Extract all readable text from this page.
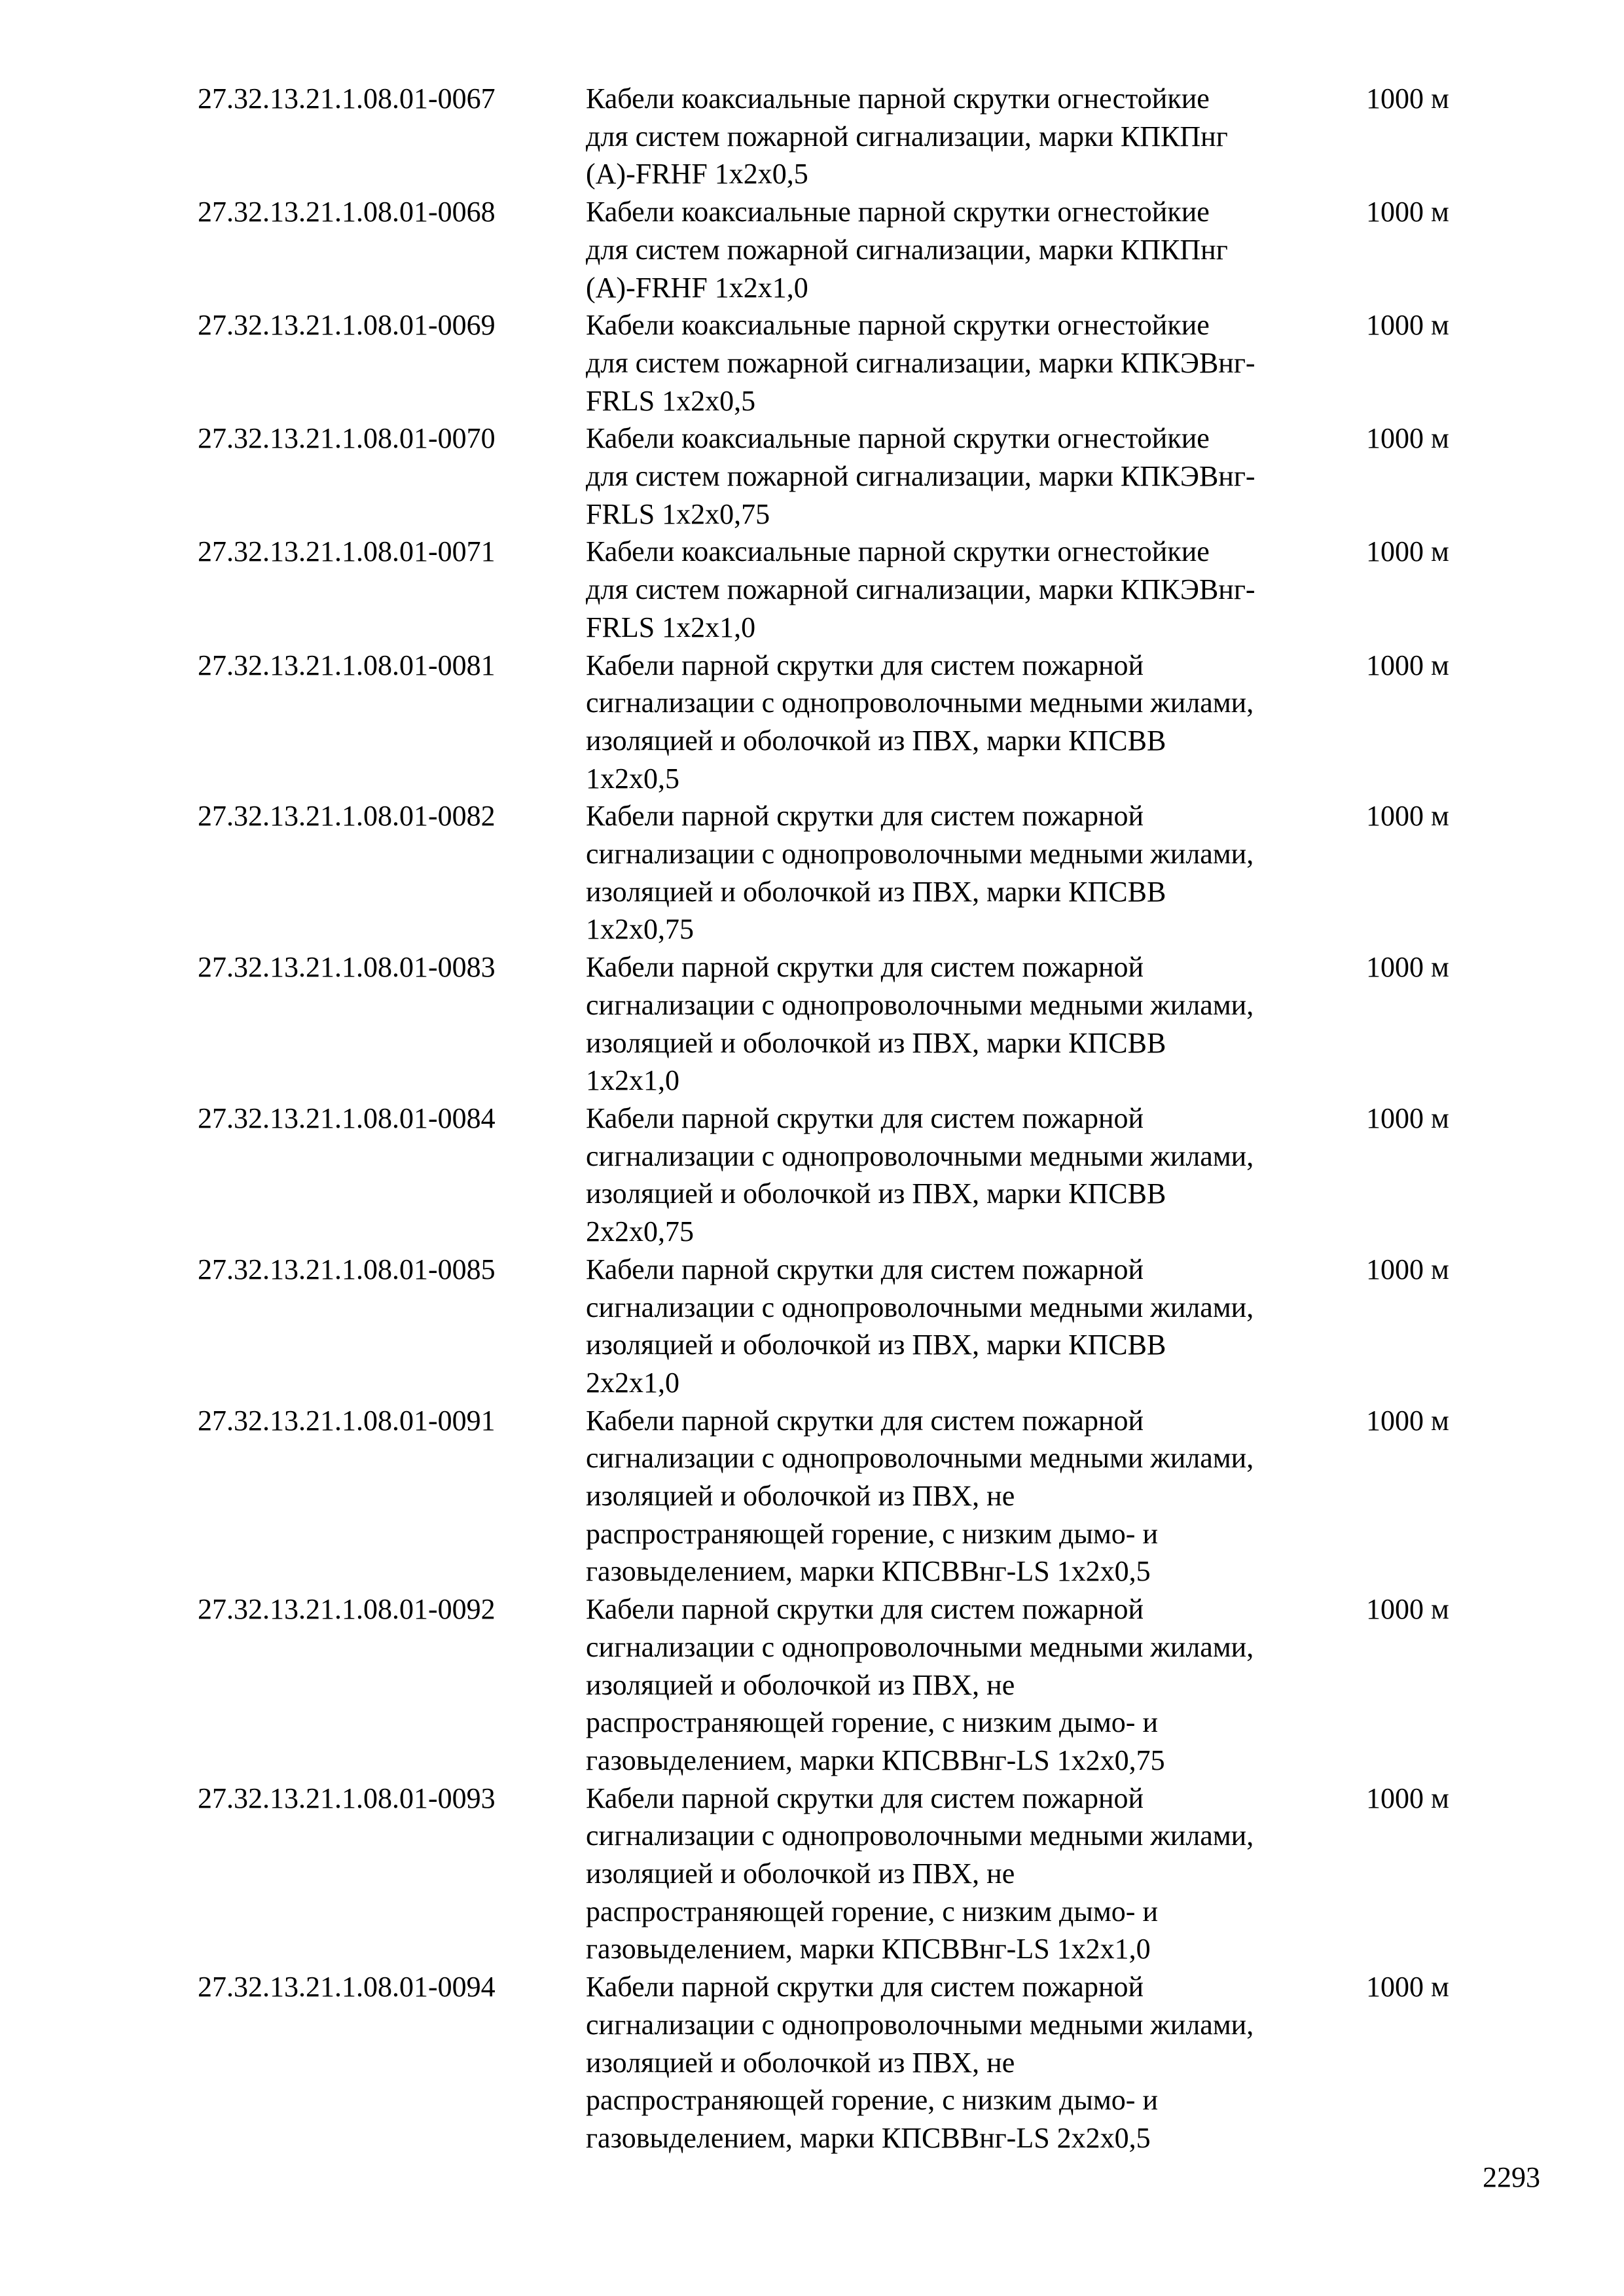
27.32.13.21.1.08.01-0067	Кабели коаксиальные парной скрутки огнестойкие
для систем пожарной сигнализации, марки КПКПнг
(А)-FRHF 1х2х0,5
1000 м
27.32.13.21.1.08.01-0068	Кабели коаксиальные парной скрутки огнестойкие
для систем пожарной сигнализации, марки КПКПнг
(А)-FRHF 1х2х1,0
1000 м
27.32.13.21.1.08.01-0069	Кабели коаксиальные парной скрутки огнестойкие
для систем пожарной сигнализации, марки КПКЭВнг-
FRLS 1х2х0,5
1000 м
27.32.13.21.1.08.01-0070	Кабели коаксиальные парной скрутки огнестойкие
для систем пожарной сигнализации, марки КПКЭВнг-
FRLS 1х2х0,75
1000 м
27.32.13.21.1.08.01-0071	Кабели коаксиальные парной скрутки огнестойкие
для систем пожарной сигнализации, марки КПКЭВнг-
FRLS 1х2х1,0
1000 м
27.32.13.21.1.08.01-0081	Кабели парной скрутки для систем пожарной
сигнализации с однопроволочными медными жилами,
изоляцией и оболочкой из ПВХ, марки КПСВВ
1х2х0,5
1000 м
27.32.13.21.1.08.01-0082	Кабели парной скрутки для систем пожарной
сигнализации с однопроволочными медными жилами,
изоляцией и оболочкой из ПВХ, марки КПСВВ
1х2х0,75
1000 м
27.32.13.21.1.08.01-0083	Кабели парной скрутки для систем пожарной
сигнализации с однопроволочными медными жилами,
изоляцией и оболочкой из ПВХ, марки КПСВВ
1х2х1,0
1000 м
27.32.13.21.1.08.01-0084	Кабели парной скрутки для систем пожарной
сигнализации с однопроволочными медными жилами,
изоляцией и оболочкой из ПВХ, марки КПСВВ
2х2х0,75
1000 м
27.32.13.21.1.08.01-0085	Кабели парной скрутки для систем пожарной
сигнализации с однопроволочными медными жилами,
изоляцией и оболочкой из ПВХ, марки КПСВВ
2х2х1,0
1000 м
27.32.13.21.1.08.01-0091	Кабели парной скрутки для систем пожарной
сигнализации с однопроволочными медными жилами,
изоляцией и оболочкой из ПВХ, не
распространяющей горение, с низким дымо- и
газовыделением, марки КПСВВнг-LS 1х2х0,5
1000 м
27.32.13.21.1.08.01-0092	Кабели парной скрутки для систем пожарной
сигнализации с однопроволочными медными жилами,
изоляцией и оболочкой из ПВХ, не
распространяющей горение, с низким дымо- и
газовыделением, марки КПСВВнг-LS 1х2х0,75
1000 м
27.32.13.21.1.08.01-0093	Кабели парной скрутки для систем пожарной
сигнализации с однопроволочными медными жилами,
изоляцией и оболочкой из ПВХ, не
распространяющей горение, с низким дымо- и
газовыделением, марки КПСВВнг-LS 1х2х1,0
1000 м
27.32.13.21.1.08.01-0094	Кабели парной скрутки для систем пожарной
сигнализации с однопроволочными медными жилами,
изоляцией и оболочкой из ПВХ, не
распространяющей горение, с низким дымо- и
газовыделением, марки КПСВВнг-LS 2х2х0,5
1000 м
2293
